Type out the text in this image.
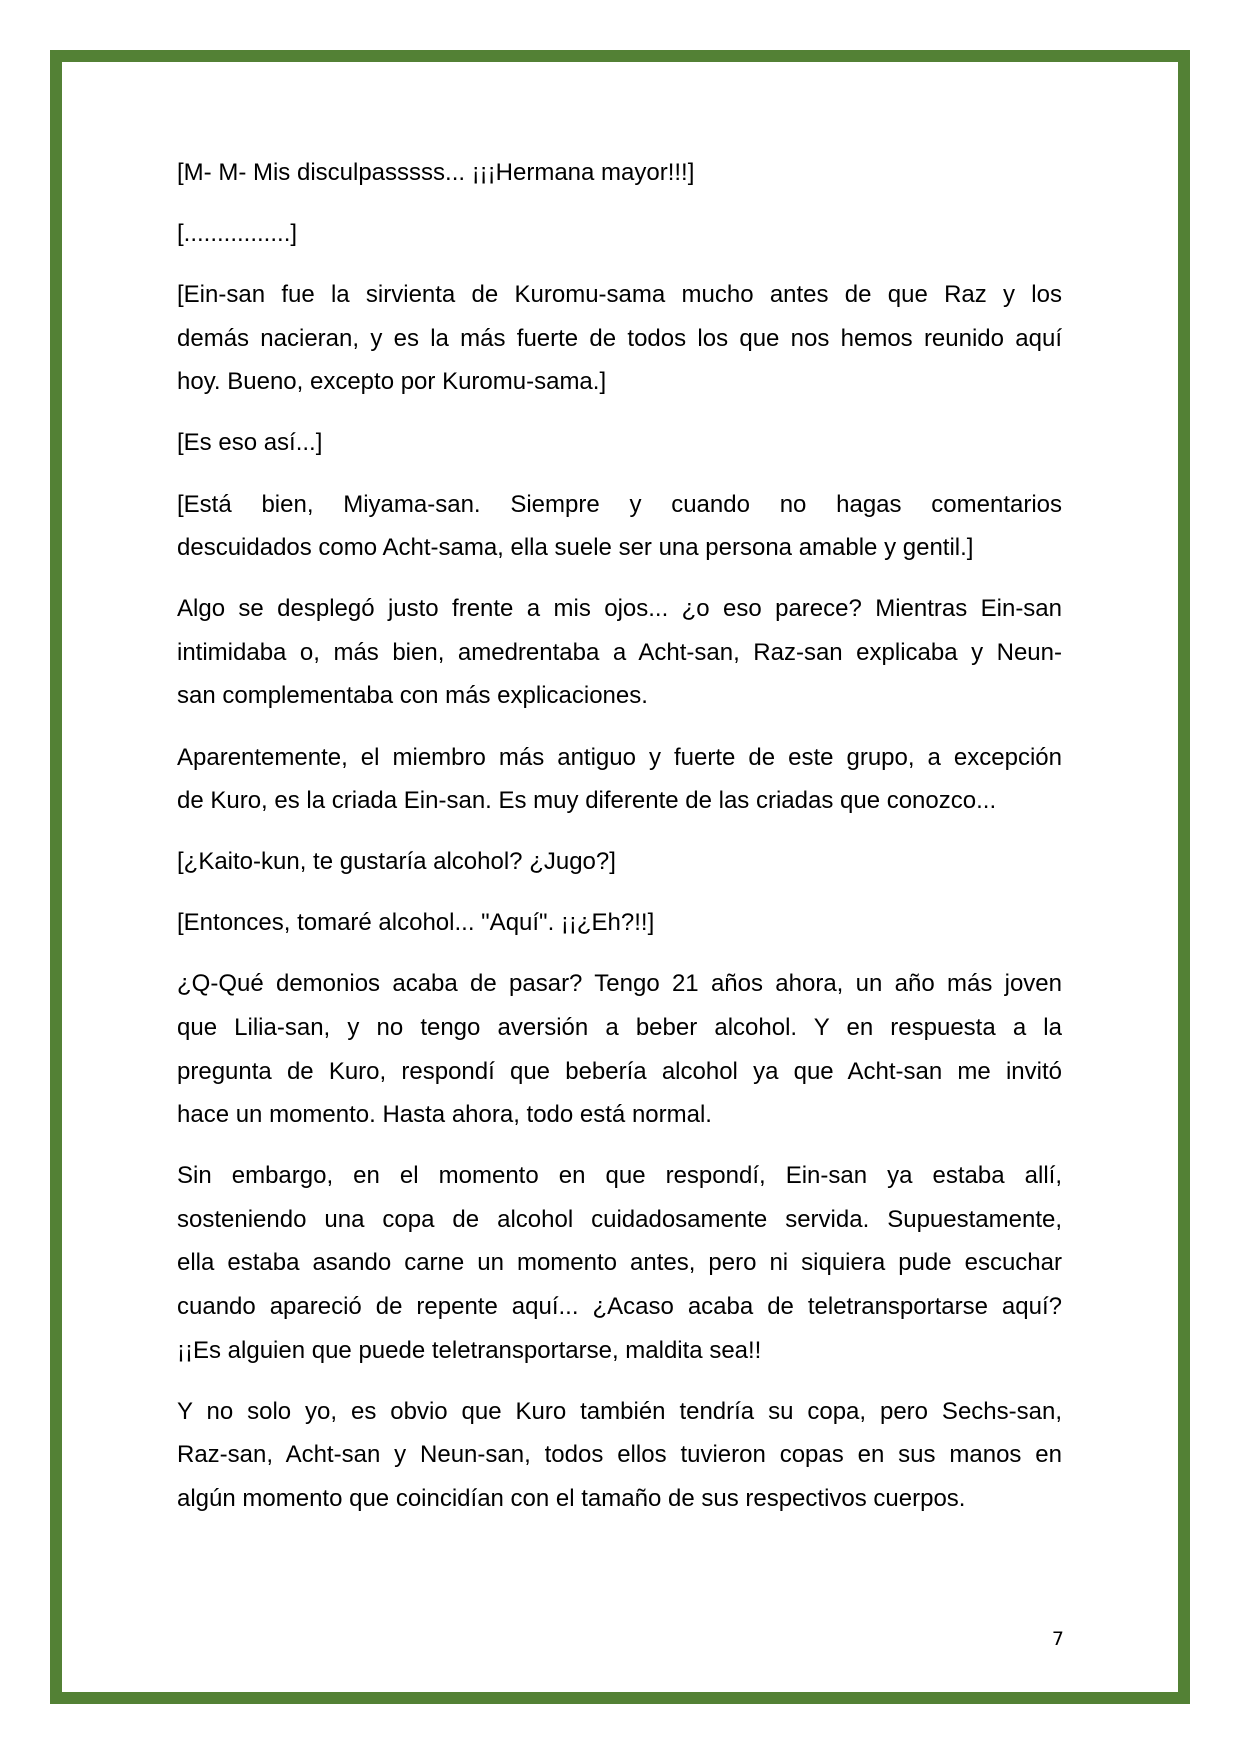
[M- M- Mis disculpasssss... ¡¡¡Hermana mayor!!!]
[................]
[Ein-san fue la sirvienta de Kuromu-sama mucho antes de que Raz y los
demás nacieran, y es la más fuerte de todos los que nos hemos reunido aquí
hoy. Bueno, excepto por Kuromu-sama.]
[Es eso así...]
[Está bien, Miyama-san. Siempre y cuando no hagas comentarios
descuidados como Acht-sama, ella suele ser una persona amable y gentil.]
Algo se desplegó justo frente a mis ojos... ¿o eso parece? Mientras Ein-san
intimidaba o, más bien, amedrentaba a Acht-san, Raz-san explicaba y Neun-
san complementaba con más explicaciones.
Aparentemente, el miembro más antiguo y fuerte de este grupo, a excepción
de Kuro, es la criada Ein-san. Es muy diferente de las criadas que conozco...
[¿Kaito-kun, te gustaría alcohol? ¿Jugo?]
[Entonces, tomaré alcohol... "Aquí". ¡¡¿Eh?!!]
¿Q-Qué demonios acaba de pasar? Tengo 21 años ahora, un año más joven
que Lilia-san, y no tengo aversión a beber alcohol. Y en respuesta a la
pregunta de Kuro, respondí que bebería alcohol ya que Acht-san me invitó
hace un momento. Hasta ahora, todo está normal.
Sin embargo, en el momento en que respondí, Ein-san ya estaba allí,
sosteniendo una copa de alcohol cuidadosamente servida. Supuestamente,
ella estaba asando carne un momento antes, pero ni siquiera pude escuchar
cuando apareció de repente aquí... ¿Acaso acaba de teletransportarse aquí?
¡¡Es alguien que puede teletransportarse, maldita sea!!
Y no solo yo, es obvio que Kuro también tendría su copa, pero Sechs-san,
Raz-san, Acht-san y Neun-san, todos ellos tuvieron copas en sus manos en
algún momento que coincidían con el tamaño de sus respectivos cuerpos.
7
